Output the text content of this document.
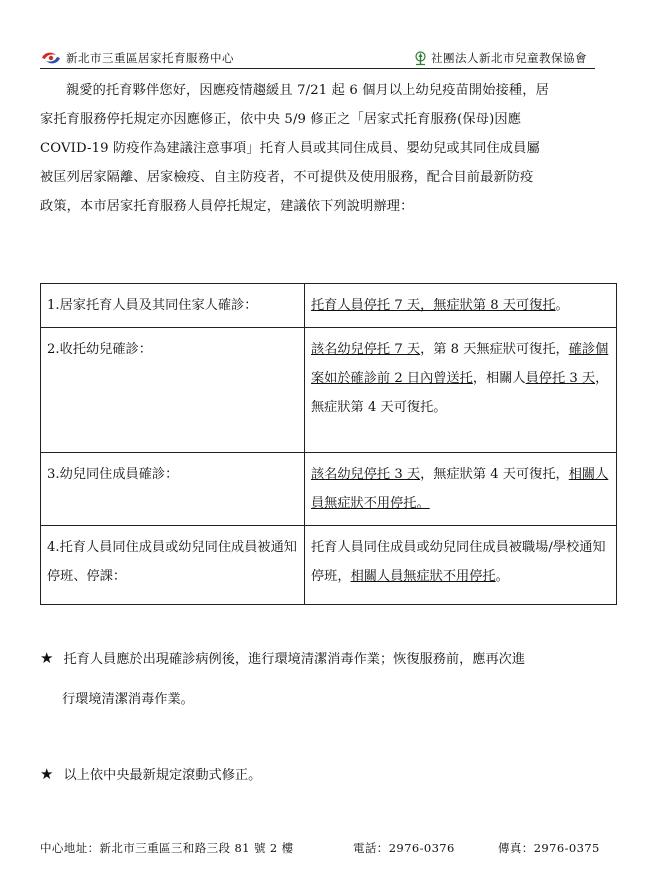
新北市三重區居家托育服務中心	社團法人新北市兒童教保協會
親愛的托育夥伴您好，因應疫情趨緩且 7/21 起 6 個月以上幼兒疫苗開始接種，居
家托育服務停托規定亦因應修正，依中央 5/9 修正之「居家式托育服務(保母)因應
COVID-19 防疫作為建議注意事項」托育人員或其同住成員、嬰幼兒或其同住成員屬
被匡列居家隔離、居家檢疫、自主防疫者，不可提供及使用服務，配合目前最新防疫
政策，本市居家托育服務人員停托規定，建議依下列說明辦理：
1.居家托育人員及其同住家人確診：	托育人員停托 7 天，無症狀第 8 天可復托。
2.收托幼兒確診：	該名幼兒停托 7 天，第 8 天無症狀可復托，確診個案如於確診前 2 日內曾送托，相關人員停托 3 天，無症狀第 4 天可復托。
3.幼兒同住成員確診：	該名幼兒停托 3 天，無症狀第 4 天可復托，相關人員無症狀不用停托。
4.托育人員同住成員或幼兒同住成員被通知停班、停課：	托育人員同住成員或幼兒同住成員被職場/學校通知停班，相關人員無症狀不用停托。
★ 托育人員應於出現確診病例後，進行環境清潔消毒作業；恢復服務前，應再次進
行環境清潔消毒作業。
★ 以上依中央最新規定滾動式修正。
中心地址：新北市三重區三和路三段 81 號 2 樓	電話：2976-0376	傳真：2976-0375
